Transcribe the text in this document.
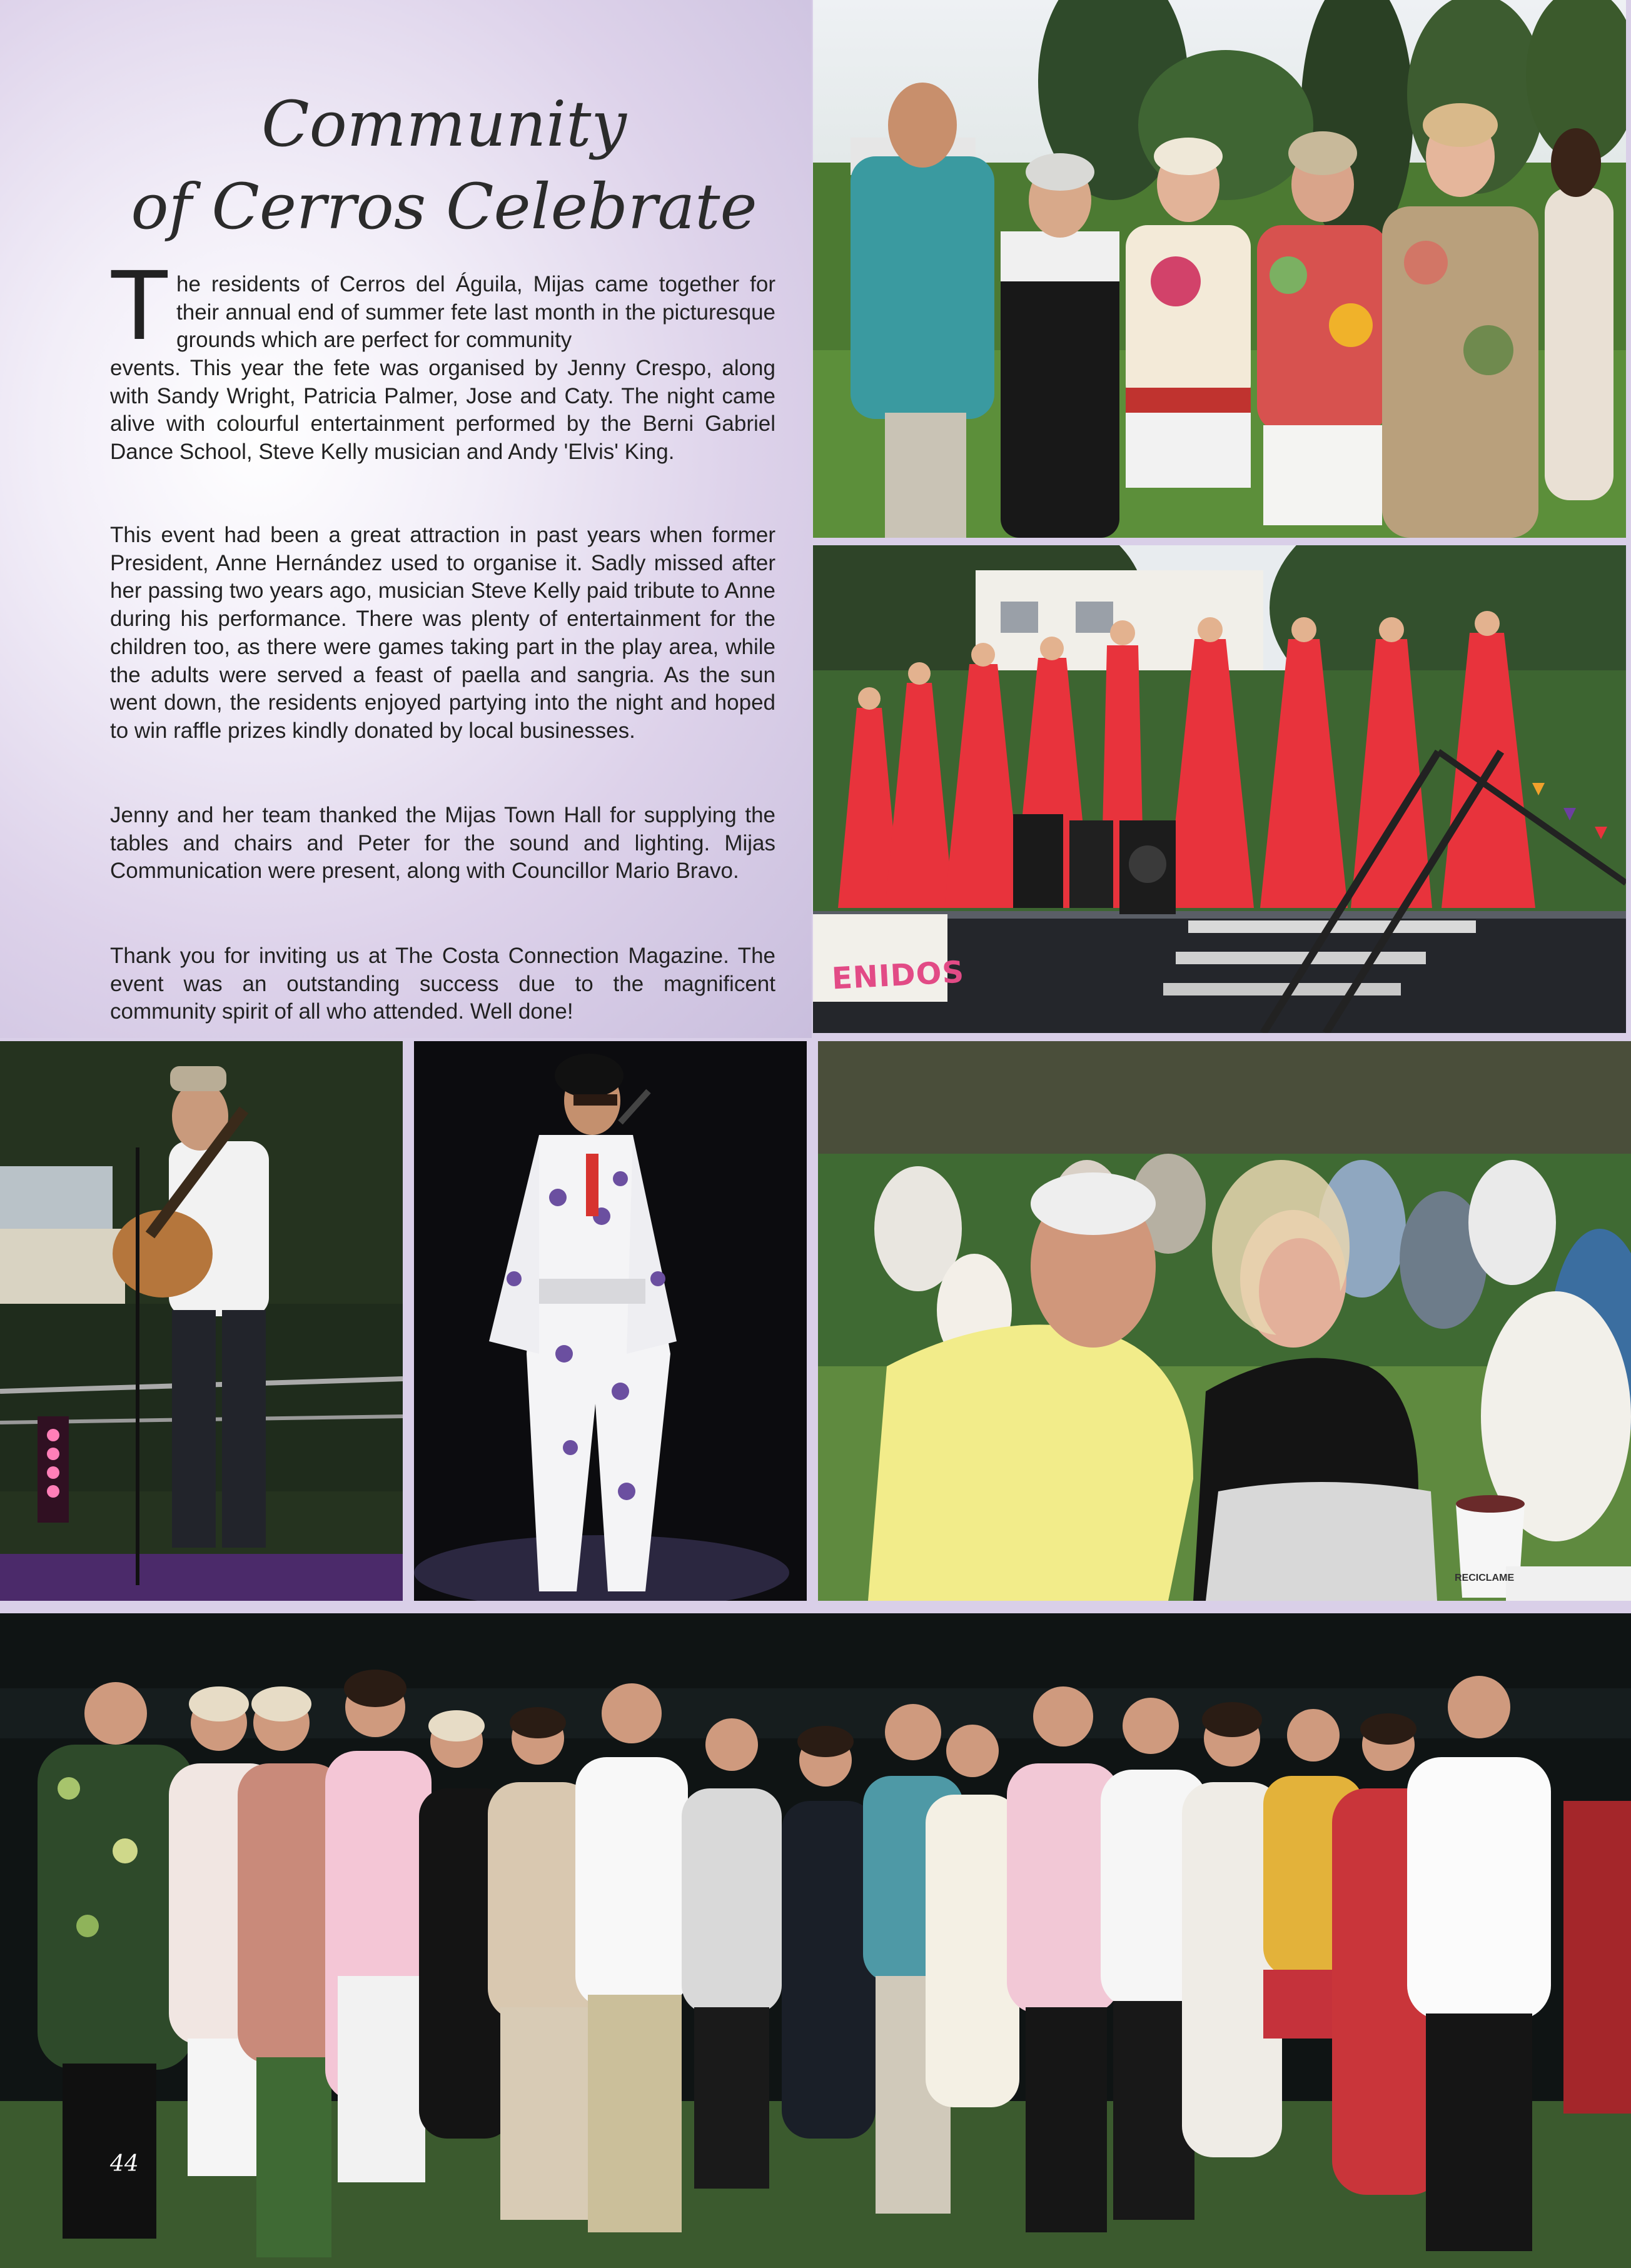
Community
of Cerros Celebrate
T he residents of Cerros del Águila, Mijas came together for their annual end of summer fete last month in the picturesque grounds which are perfect for community
events. This year the fete was organised by Jenny Crespo, along with Sandy Wright, Patricia Palmer, Jose and Caty. The night came alive with colourful entertainment performed by the Berni Gabriel Dance School, Steve Kelly musician and Andy 'Elvis' King.
This event had been a great attraction in past years when former President, Anne Hernández used to organise it. Sadly missed after her passing two years ago, musician Steve Kelly paid tribute to Anne during his performance. There was plenty of entertainment for the children too, as there were games taking part in the play area, while the adults were served a feast of paella and sangria. As the sun went down, the residents enjoyed partying into the night and hoped to win raffle prizes kindly donated by local businesses.
Jenny and her team thanked the Mijas Town Hall for supplying the tables and chairs and Peter for the sound and lighting. Mijas Communication were present, along with Councillor Mario Bravo.
Thank you for inviting us at The Costa Connection Magazine. The event was an outstanding success due to the magnificent community spirit of all who attended. Well done!
ENIDOS
RECICLAME
44
